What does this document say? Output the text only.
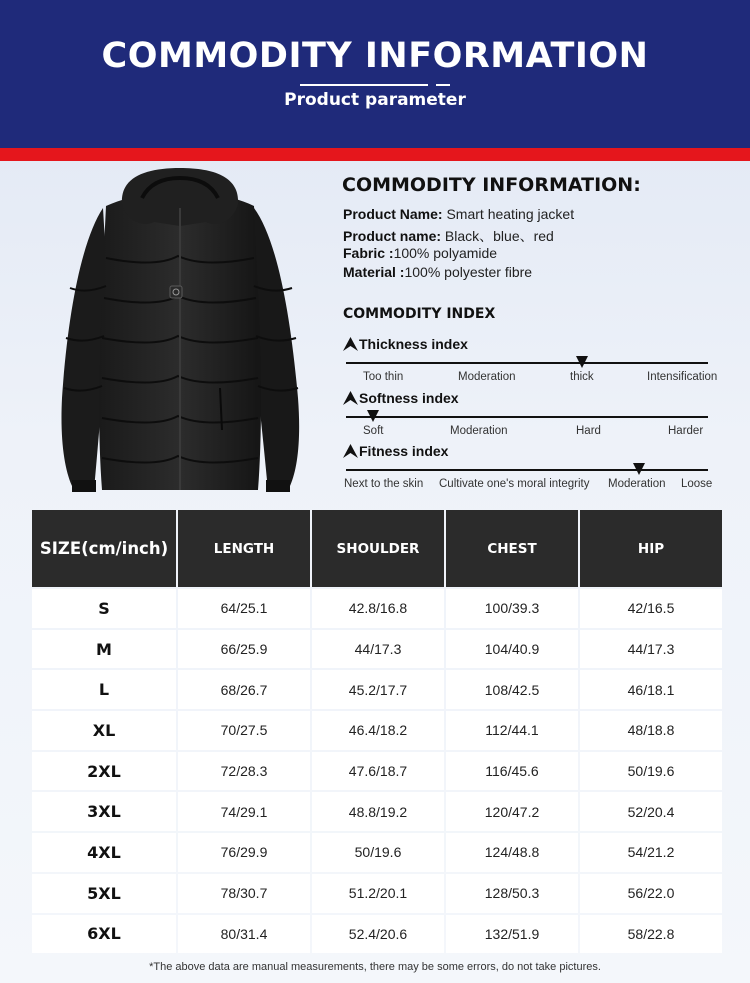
COMMODITY INFORMATION
Product parameter
COMMODITY INFORMATION:
Product Name: Smart heating jacket
Product name: Black、blue、red
Fabric :100% polyamide
Material :100% polyester fibre
COMMODITY INDEX
Thickness index
Too thin	Moderation	thick	Intensification
Softness index
Soft	Moderation	Hard	Harder
Fitness index
Next to the skin Cultivate one's moral integrity Moderation Loose
SIZE(cm/inch)	LENGTH	SHOULDER	CHEST	HIP
S	64/25.1	42.8/16.8	100/39.3	42/16.5
M	66/25.9	44/17.3	104/40.9	44/17.3
L	68/26.7	45.2/17.7	108/42.5	46/18.1
XL	70/27.5	46.4/18.2	112/44.1	48/18.8
2XL	72/28.3	47.6/18.7	116/45.6	50/19.6
3XL	74/29.1	48.8/19.2	120/47.2	52/20.4
4XL	76/29.9	50/19.6	124/48.8	54/21.2
5XL	78/30.7	51.2/20.1	128/50.3	56/22.0
6XL	80/31.4	52.4/20.6	132/51.9	58/22.8
*The above data are manual measurements, there may be some errors, do not take pictures.
